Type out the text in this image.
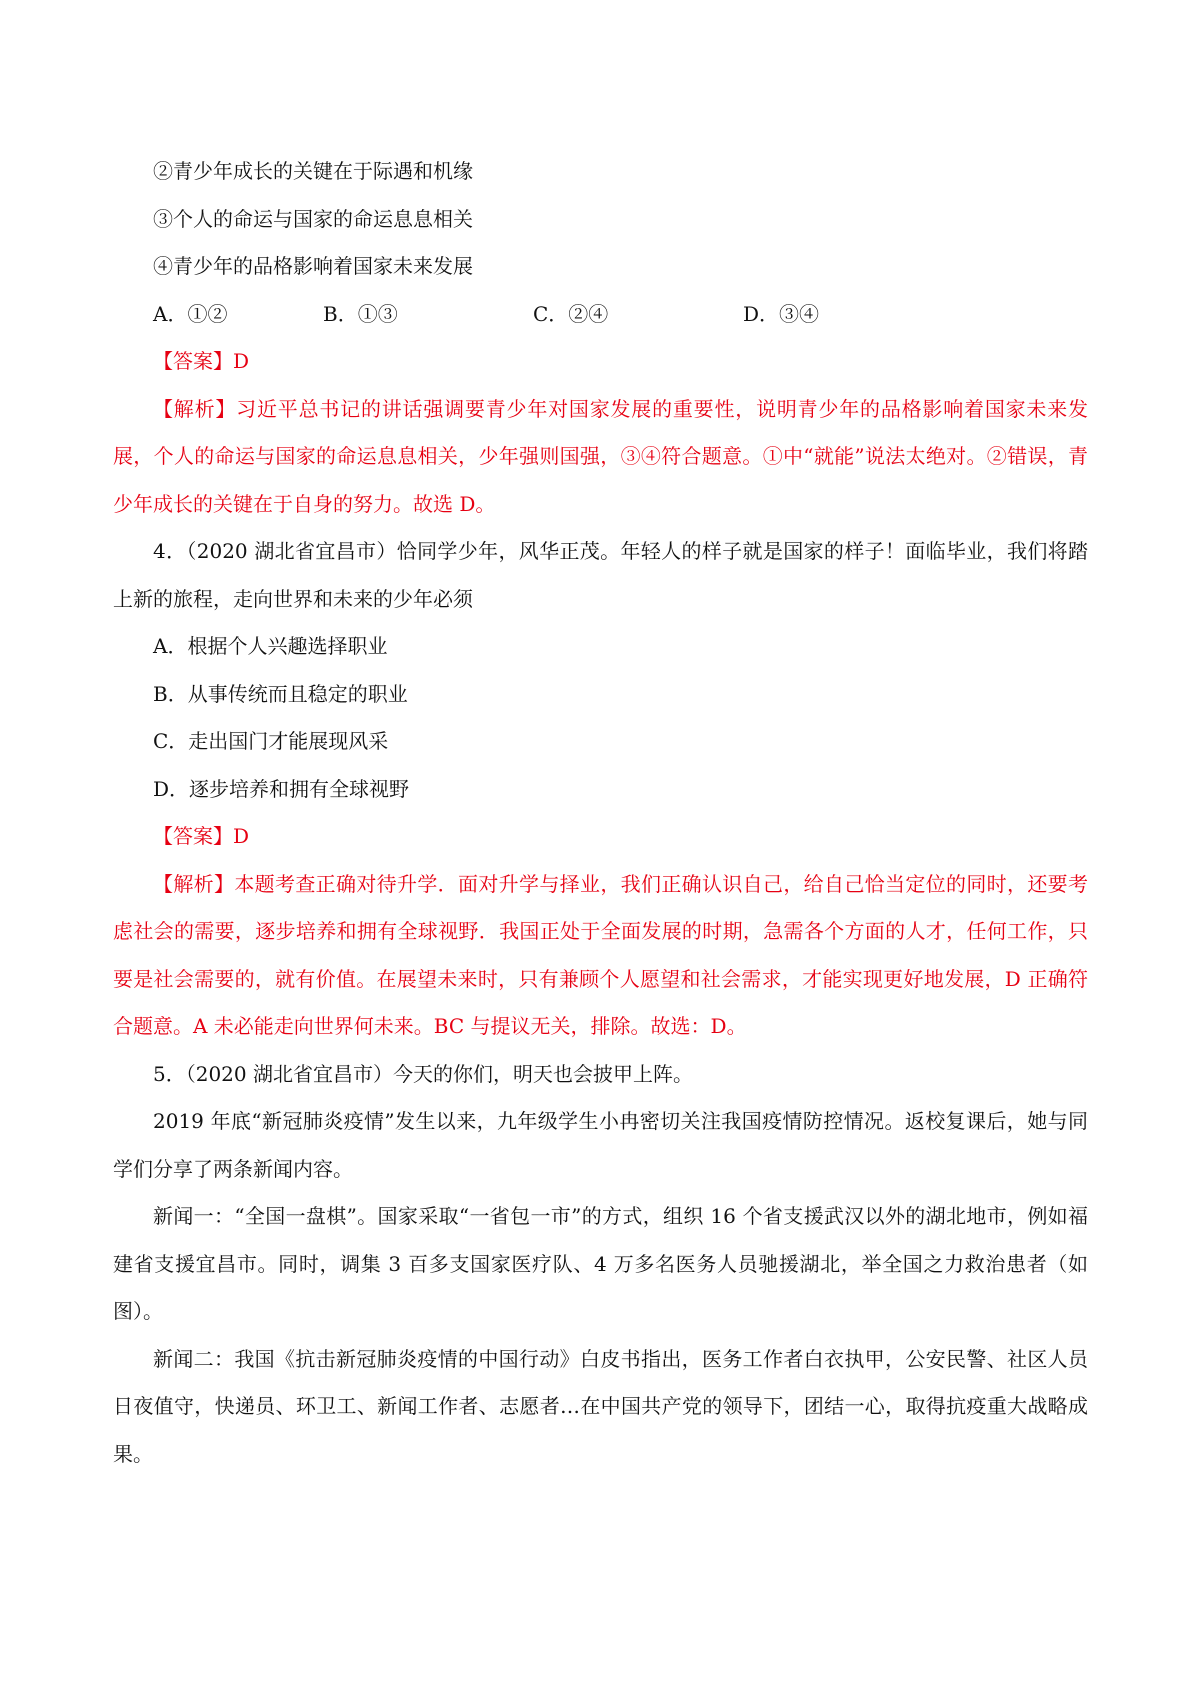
②青少年成长的关键在于际遇和机缘
③个人的命运与国家的命运息息相关
④青少年的品格影响着国家未来发展
A．①②	B．①③	C．②④	D．③④
【答案】D
【解析】习近平总书记的讲话强调要青少年对国家发展的重要性，说明青少年的品格影响着国家未来发展，个人的命运与国家的命运息息相关，少年强则国强，③④符合题意。①中“就能”说法太绝对。②错误，青少年成长的关键在于自身的努力。故选 D。
4．（2020 湖北省宜昌市）恰同学少年，风华正茂。年轻人的样子就是国家的样子！面临毕业，我们将踏上新的旅程，走向世界和未来的少年必须
A．根据个人兴趣选择职业
B．从事传统而且稳定的职业
C．走出国门才能展现风采
D．逐步培养和拥有全球视野
【答案】D
【解析】本题考查正确对待升学．面对升学与择业，我们正确认识自己，给自己恰当定位的同时，还要考虑社会的需要，逐步培养和拥有全球视野．我国正处于全面发展的时期，急需各个方面的人才，任何工作，只要是社会需要的，就有价值。在展望未来时，只有兼顾个人愿望和社会需求，才能实现更好地发展，D 正确符合题意。A 未必能走向世界何未来。BC 与提议无关，排除。故选：D。
5．（2020 湖北省宜昌市）今天的你们，明天也会披甲上阵。
2019 年底“新冠肺炎疫情”发生以来，九年级学生小冉密切关注我国疫情防控情况。返校复课后，她与同学们分享了两条新闻内容。
新闻一：“全国一盘棋”。国家采取“一省包一市”的方式，组织 16 个省支援武汉以外的湖北地市，例如福建省支援宜昌市。同时，调集 3 百多支国家医疗队、4 万多名医务人员驰援湖北，举全国之力救治患者（如图）。
新闻二：我国《抗击新冠肺炎疫情的中国行动》白皮书指出，医务工作者白衣执甲，公安民警、社区人员日夜值守，快递员、环卫工、新闻工作者、志愿者…在中国共产党的领导下，团结一心，取得抗疫重大战略成果。
